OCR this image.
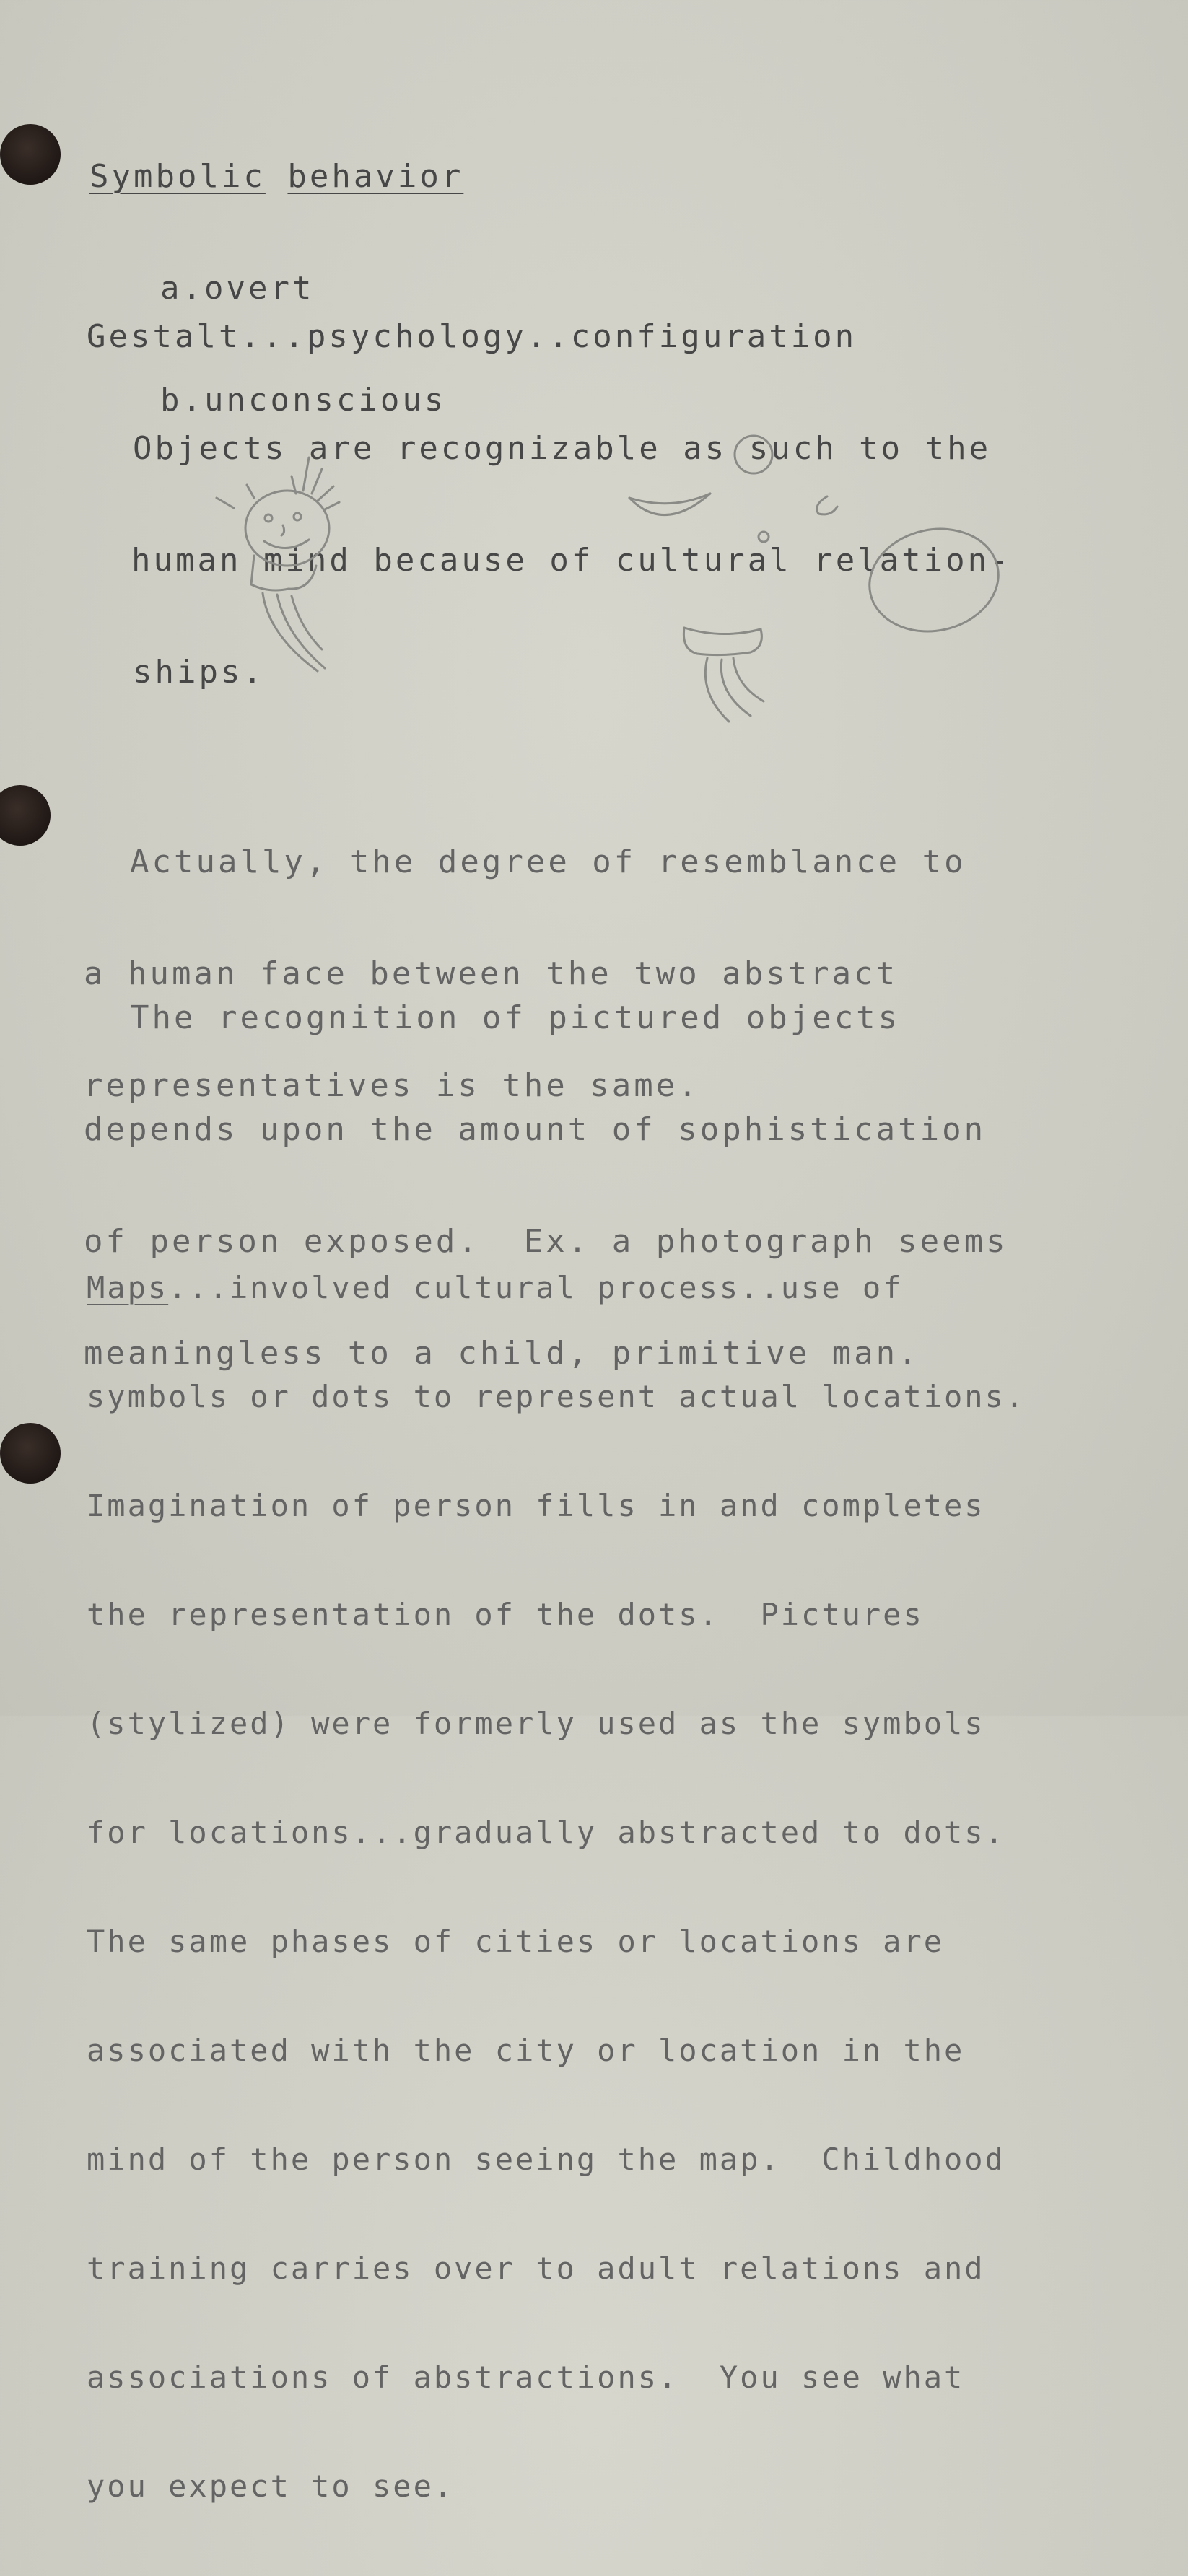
Symbolic behavior

a.overt

b.unconscious

Gestalt...psychology..configuration

Objects are recognizable as such to the

human mind because of cultural relation-

ships.

Actually, the degree of resemblance to

a human face between the two abstract

representatives is the same.

The recognition of pictured objects

depends upon the amount of sophistication

of person exposed.  Ex. a photograph seems

meaningless to a child, primitive man.

Maps...involved cultural process..use of

symbols or dots to represent actual locations.

Imagination of person fills in and completes

the representation of the dots.  Pictures

(stylized) were formerly used as the symbols

for locations...gradually abstracted to dots.

The same phases of cities or locations are

associated with the city or location in the

mind of the person seeing the map.  Childhood

training carries over to adult relations and

associations of abstractions.  You see what

you expect to see.
